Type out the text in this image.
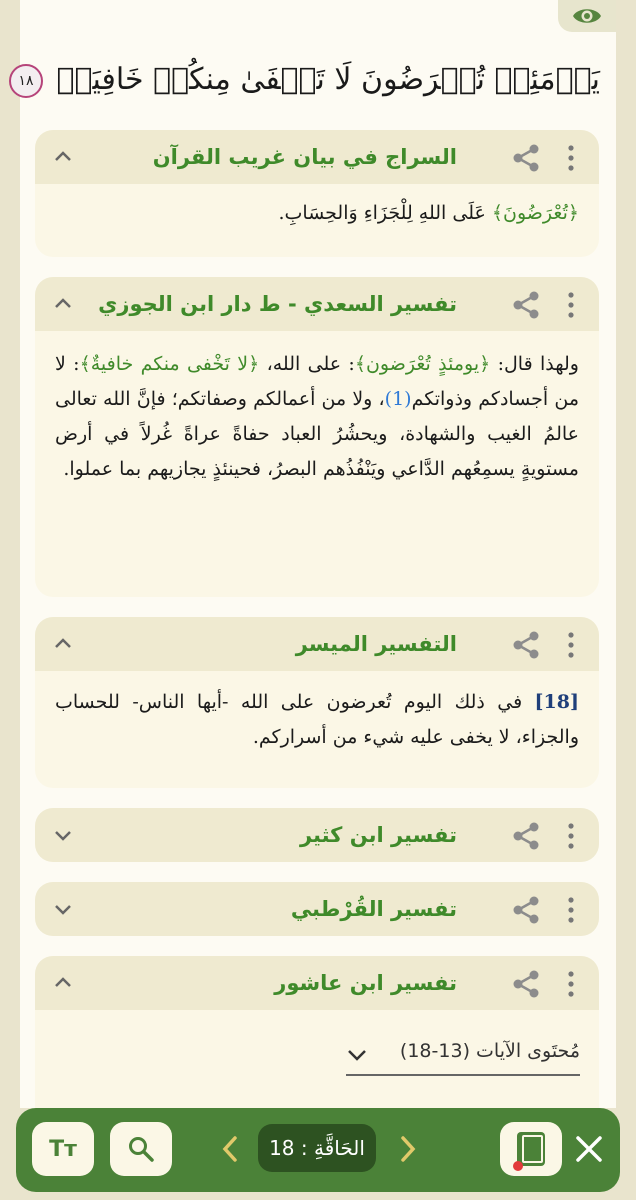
يَوۡمَئِذٖ تُعۡرَضُونَ لَا تَخۡفَىٰ مِنكُمۡ خَافِيَةٞ ١٨
السراج في بيان غريب القرآن
﴿تُعْرَضُونَ﴾ عَلَى اللهِ لِلْجَزَاءِ وَالحِسَابِ.
تفسير السعدي - ط دار ابن الجوزي
ولهذا قال: ﴿يومئذٍ تُعْرَضون﴾: على الله، ﴿لا تَخْفى منكم خافيةٌ﴾: لا من أجسادكم وذواتكم(1)، ولا من أعمالكم وصفاتكم؛ فإنَّ الله تعالى عالمُ الغيب والشهادة، ويحشُرُ العباد حفاةً عراةً غُرلاً في أرض مستويةٍ يسمِعُهم الدَّاعي ويَنْفُذُهم البصرُ، فحينئذٍ يجازيهم بما عملوا.
التفسير الميسر
[18] في ذلك اليوم تُعرضون على الله -أيها الناس- للحساب والجزاء، لا يخفى عليه شيء من أسراركم.
تفسير ابن كثير
تفسير القُرْطبي
تفسير ابن عاشور
مُحتَوى الآيات (13-18)
Tт	الحَاقَّةِ : 18
